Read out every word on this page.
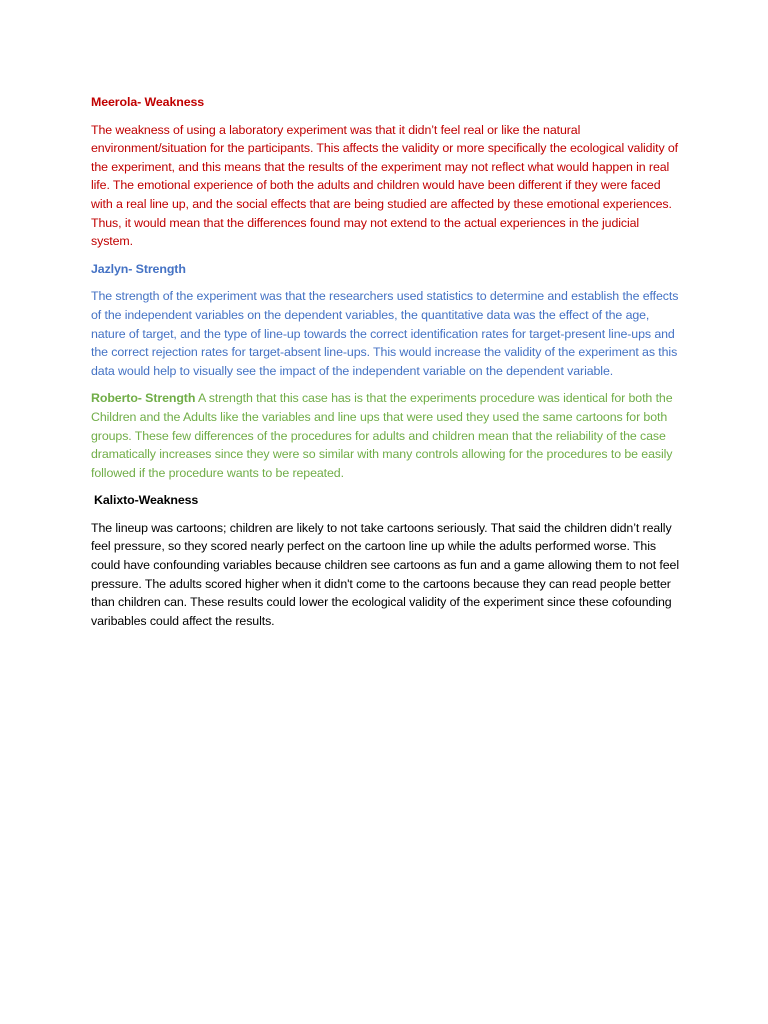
Meerola- Weakness
The weakness of using a laboratory experiment was that it didn’t feel real or like the natural environment/situation for the participants. This affects the validity or more specifically the ecological validity of the experiment, and this means that the results of the experiment may not reflect what would happen in real life. The emotional experience of both the adults and children would have been different if they were faced with a real line up, and the social effects that are being studied are affected by these emotional experiences. Thus, it would mean that the differences found may not extend to the actual experiences in the judicial system.
Jazlyn- Strength
The strength of the experiment was that the researchers used statistics to determine and establish the effects of the independent variables on the dependent variables, the quantitative data was the effect of the age, nature of target, and the type of line-up towards the correct identification rates for target-present line-ups and the correct rejection rates for target-absent line-ups. This would increase the validity of the experiment as this data would help to visually see the impact of the independent variable on the dependent variable.
Roberto- Strength A strength that this case has is that the experiments procedure was identical for both the Children and the Adults like the variables and line ups that were used they used the same cartoons for both groups. These few differences of the procedures for adults and children mean that the reliability of the case dramatically increases since they were so similar with many controls allowing for the procedures to be easily followed if the procedure wants to be repeated.
Kalixto-Weakness
The lineup was cartoons; children are likely to not take cartoons seriously. That said the children didn’t really feel pressure, so they scored nearly perfect on the cartoon line up while the adults performed worse. This could have confounding variables because children see cartoons as fun and a game allowing them to not feel pressure. The adults scored higher when it didn't come to the cartoons because they can read people better than children can. These results could lower the ecological validity of the experiment since these cofounding varibables could affect the results.
